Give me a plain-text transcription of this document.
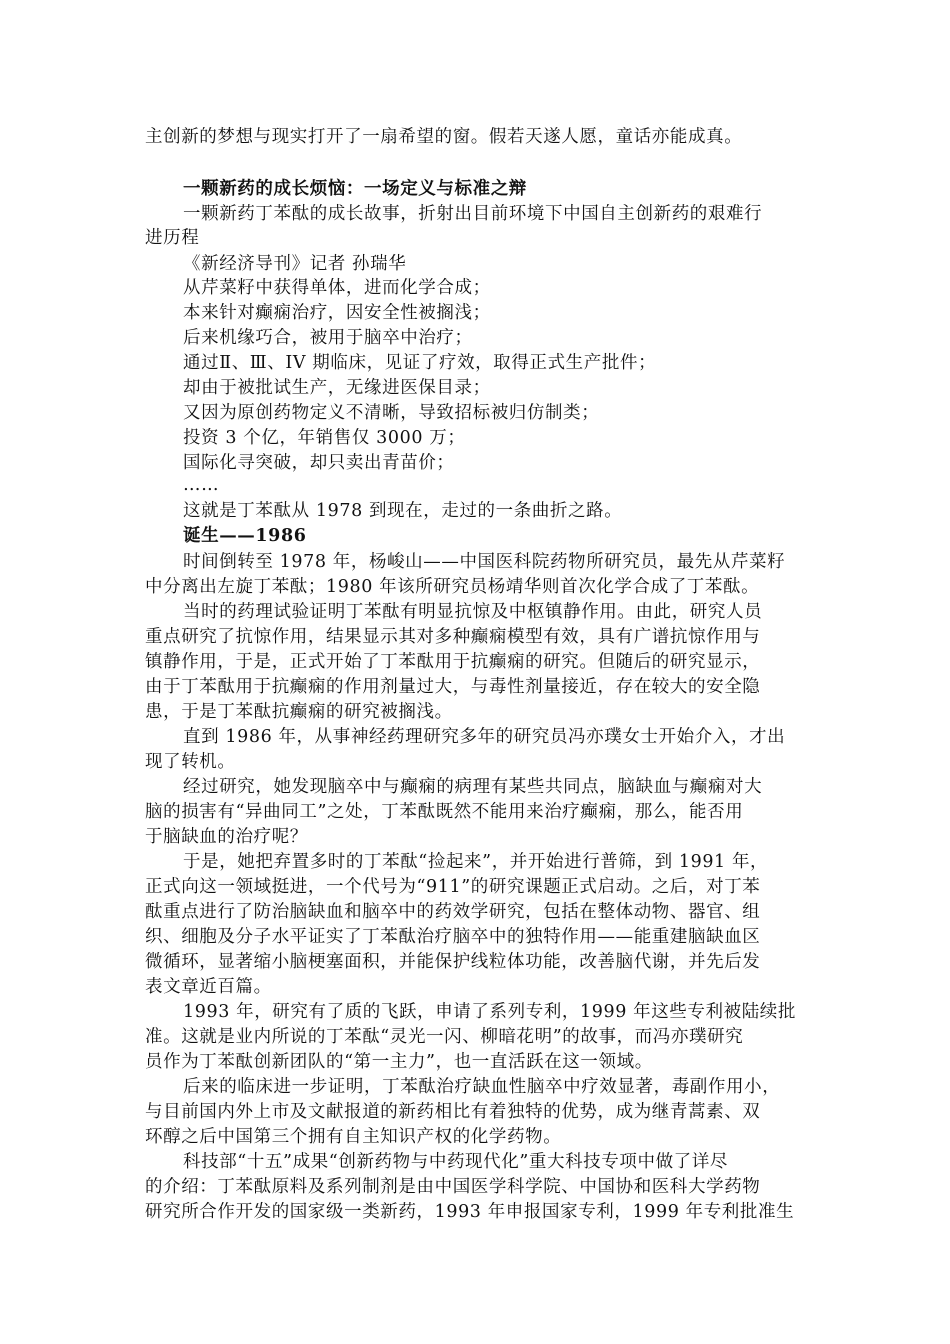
主创新的梦想与现实打开了一扇希望的窗。假若天遂人愿，童话亦能成真。
一颗新药的成长烦恼：一场定义与标准之辩
一颗新药丁苯酞的成长故事，折射出目前环境下中国自主创新药的艰难行
进历程
《新经济导刊》记者 孙瑞华
从芹菜籽中获得单体，进而化学合成；
本来针对癫痫治疗，因安全性被搁浅；
后来机缘巧合，被用于脑卒中治疗；
通过Ⅱ、Ⅲ、IV 期临床，见证了疗效，取得正式生产批件；
却由于被批试生产，无缘进医保目录；
又因为原创药物定义不清晰，导致招标被归仿制类；
投资 3 个亿，年销售仅 3000 万；
国际化寻突破，却只卖出青苗价；
……
这就是丁苯酞从 1978 到现在，走过的一条曲折之路。
诞生——1986
时间倒转至 1978 年，杨峻山——中国医科院药物所研究员，最先从芹菜籽
中分离出左旋丁苯酞；1980 年该所研究员杨靖华则首次化学合成了丁苯酞。
当时的药理试验证明丁苯酞有明显抗惊及中枢镇静作用。由此，研究人员
重点研究了抗惊作用，结果显示其对多种癫痫模型有效，具有广谱抗惊作用与
镇静作用，于是，正式开始了丁苯酞用于抗癫痫的研究。但随后的研究显示，
由于丁苯酞用于抗癫痫的作用剂量过大，与毒性剂量接近，存在较大的安全隐
患，于是丁苯酞抗癫痫的研究被搁浅。
直到 1986 年，从事神经药理研究多年的研究员冯亦璞女士开始介入，才出
现了转机。
经过研究，她发现脑卒中与癫痫的病理有某些共同点，脑缺血与癫痫对大
脑的损害有“异曲同工”之处，丁苯酞既然不能用来治疗癫痫，那么，能否用
于脑缺血的治疗呢？
于是，她把弃置多时的丁苯酞“捡起来”，并开始进行普筛，到 1991 年，
正式向这一领域挺进，一个代号为“911”的研究课题正式启动。之后，对丁苯
酞重点进行了防治脑缺血和脑卒中的药效学研究，包括在整体动物、器官、组
织、细胞及分子水平证实了丁苯酞治疗脑卒中的独特作用——能重建脑缺血区
微循环，显著缩小脑梗塞面积，并能保护线粒体功能，改善脑代谢，并先后发
表文章近百篇。
1993 年，研究有了质的飞跃，申请了系列专利，1999 年这些专利被陆续批
准。这就是业内所说的丁苯酞“灵光一闪、柳暗花明”的故事，而冯亦璞研究
员作为丁苯酞创新团队的“第一主力”，也一直活跃在这一领域。
后来的临床进一步证明，丁苯酞治疗缺血性脑卒中疗效显著，毒副作用小，
与目前国内外上市及文献报道的新药相比有着独特的优势，成为继青蒿素、双
环醇之后中国第三个拥有自主知识产权的化学药物。
科技部“十五”成果“创新药物与中药现代化”重大科技专项中做了详尽
的介绍：丁苯酞原料及系列制剂是由中国医学科学院、中国协和医科大学药物
研究所合作开发的国家级一类新药，1993 年申报国家专利，1999 年专利批准生
